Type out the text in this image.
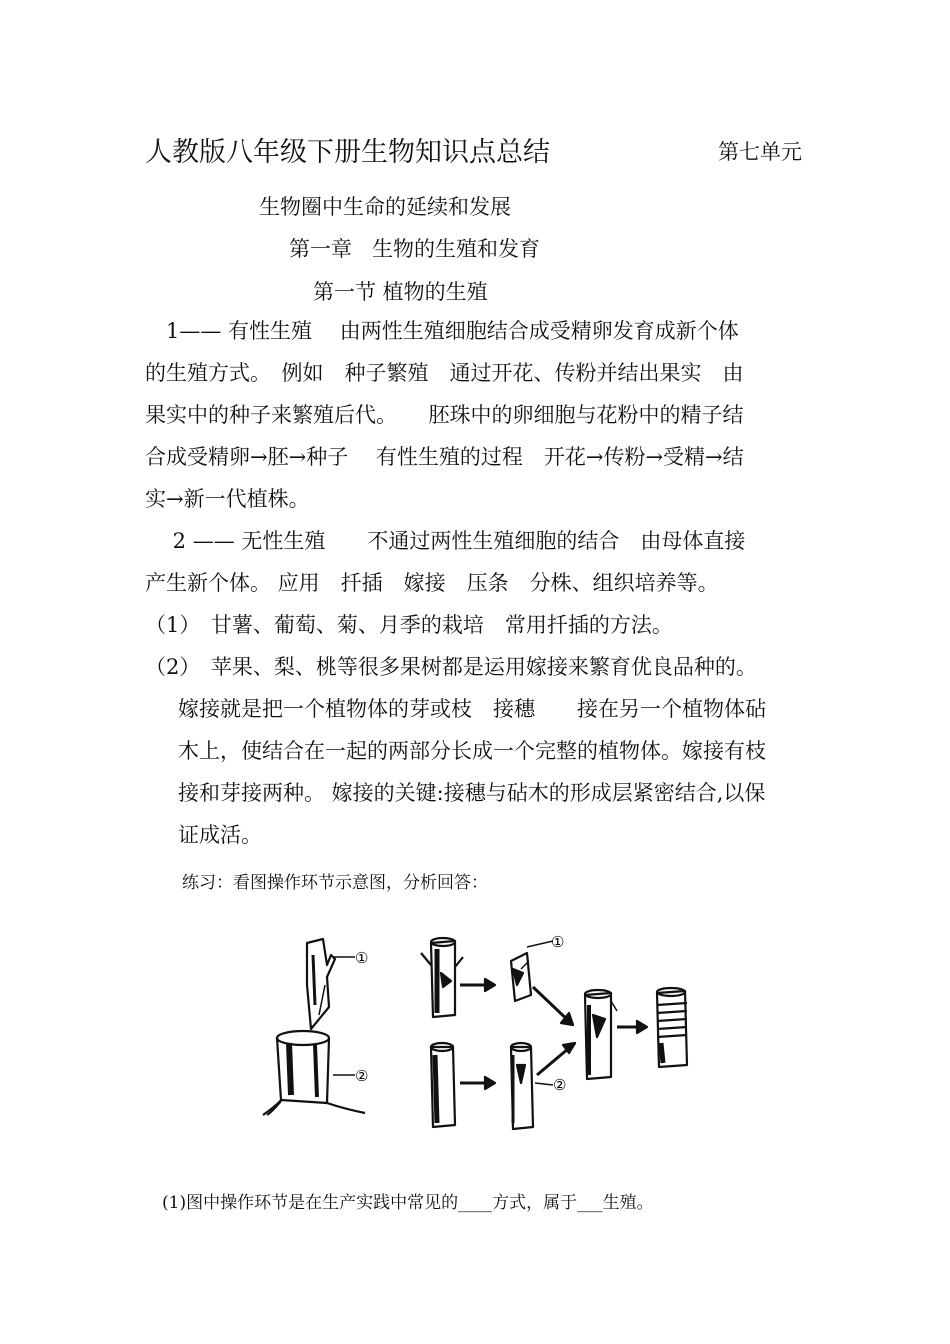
人教版八年级下册生物知识点总结	第七单元
生物圈中生命的延续和发展
第一章   生物的生殖和发育
第一节 植物的生殖
　1—— 有性生殖　 由两性生殖细胞结合成受精卵发育成新个体
的生殖方式。　例如　种子繁殖　通过开花、传粉并结出果实　由
果实中的种子来繁殖后代。　　胚珠中的卵细胞与花粉中的精子结
合成受精卵→胚→种子　 有性生殖的过程　开花→传粉→受精→结
实→新一代植株。
　 2 —— 无性生殖　　不通过两性生殖细胞的结合　由母体直接
产生新个体。 应用　扦插　嫁接　压条　分株、组织培养等。
（1）　甘薯、葡萄、菊、月季的栽培　常用扦插的方法。
（2）　苹果、梨、桃等很多果树都是运用嫁接来繁育优良品种的。
嫁接就是把一个植物体的芽或枝　接穗　　接在另一个植物体砧
木上，使结合在一起的两部分长成一个完整的植物体。嫁接有枝
接和芽接两种。 嫁接的关键:接穗与砧木的形成层紧密结合,以保
证成活。
练习：看图操作环节示意图，分析回答：
①
②
①
②
(1)图中操作环节是在生产实践中常见的____方式，属于___生殖。
